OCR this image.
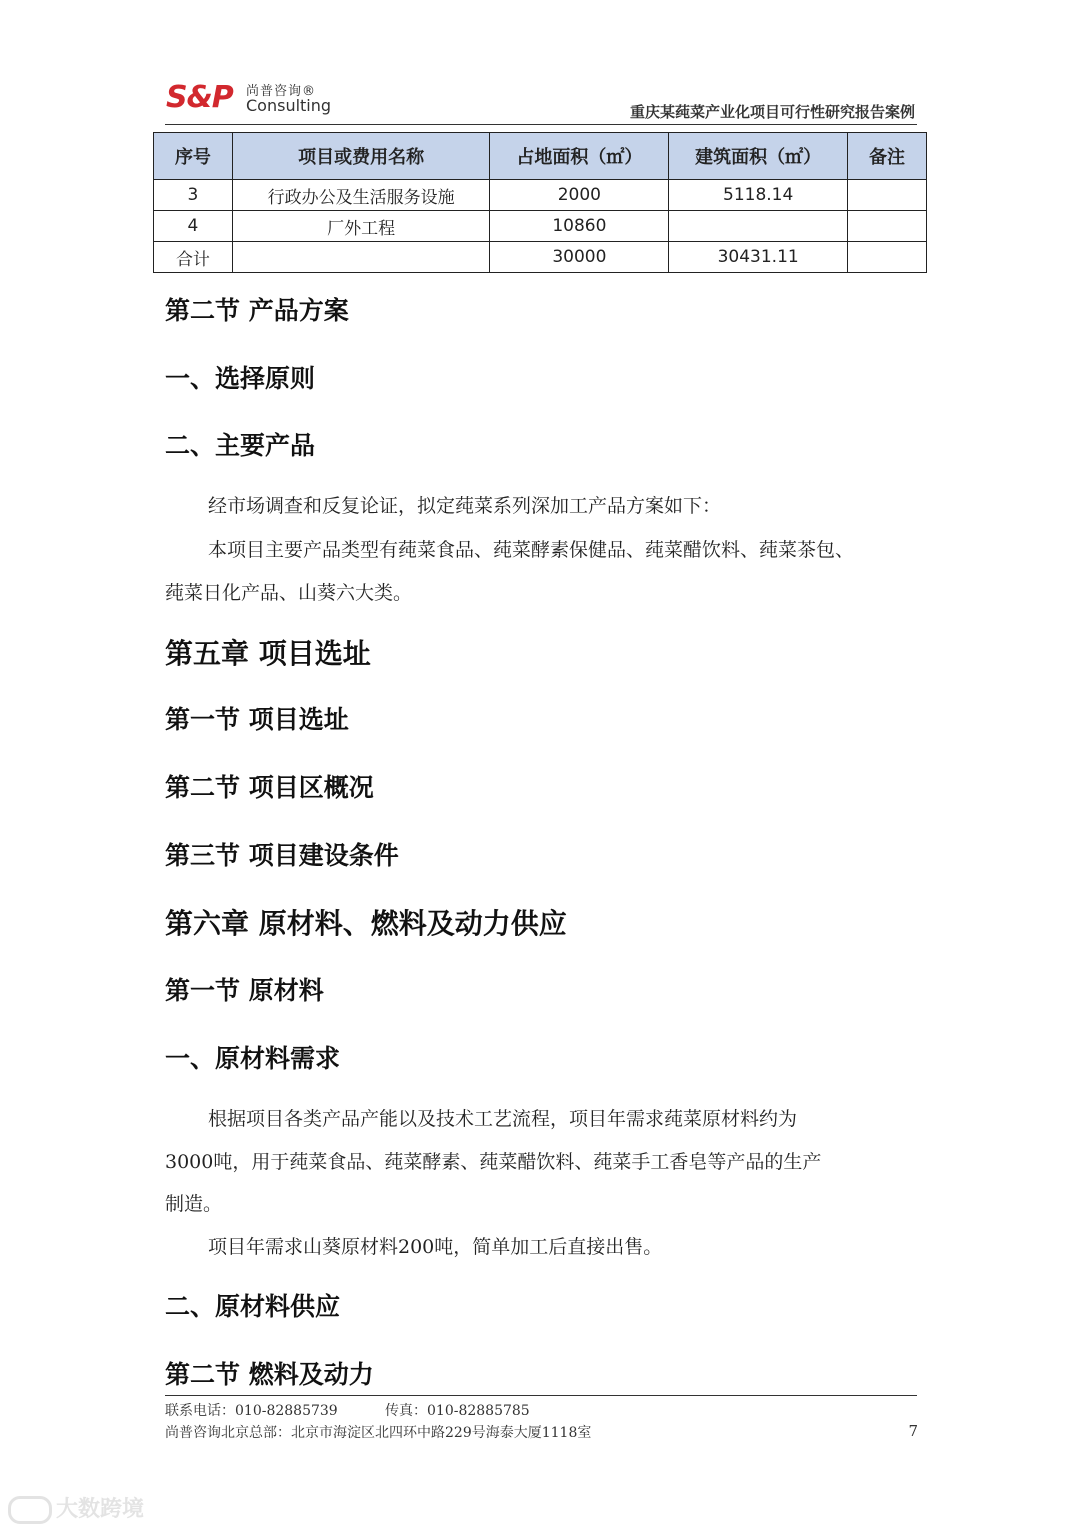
S&P 尚普咨询®
Consulting	重庆某莼菜产业化项目可行性研究报告案例
序号	项目或费用名称	占地面积（㎡）	建筑面积（㎡）	备注
3	行政办公及生活服务设施	2000	5118.14	
4	厂外工程	10860		
合计		30000	30431.11	
第二节 产品方案
一、选择原则
二、主要产品
经市场调查和反复论证，拟定莼菜系列深加工产品方案如下：
本项目主要产品类型有莼菜食品、莼菜酵素保健品、莼菜醋饮料、莼菜茶包、
莼菜日化产品、山葵六大类。
第五章 项目选址
第一节 项目选址
第二节 项目区概况
第三节 项目建设条件
第六章 原材料、燃料及动力供应
第一节 原材料
一、原材料需求
根据项目各类产品产能以及技术工艺流程，项目年需求莼菜原材料约为
3000吨，用于莼菜食品、莼菜酵素、莼菜醋饮料、莼菜手工香皂等产品的生产
制造。
项目年需求山葵原材料200吨，简单加工后直接出售。
二、原材料供应
第二节 燃料及动力
联系电话：010-82885739	传真：010-82885785
尚普咨询北京总部：北京市海淀区北四环中路229号海泰大厦1118室	7
大数跨境
